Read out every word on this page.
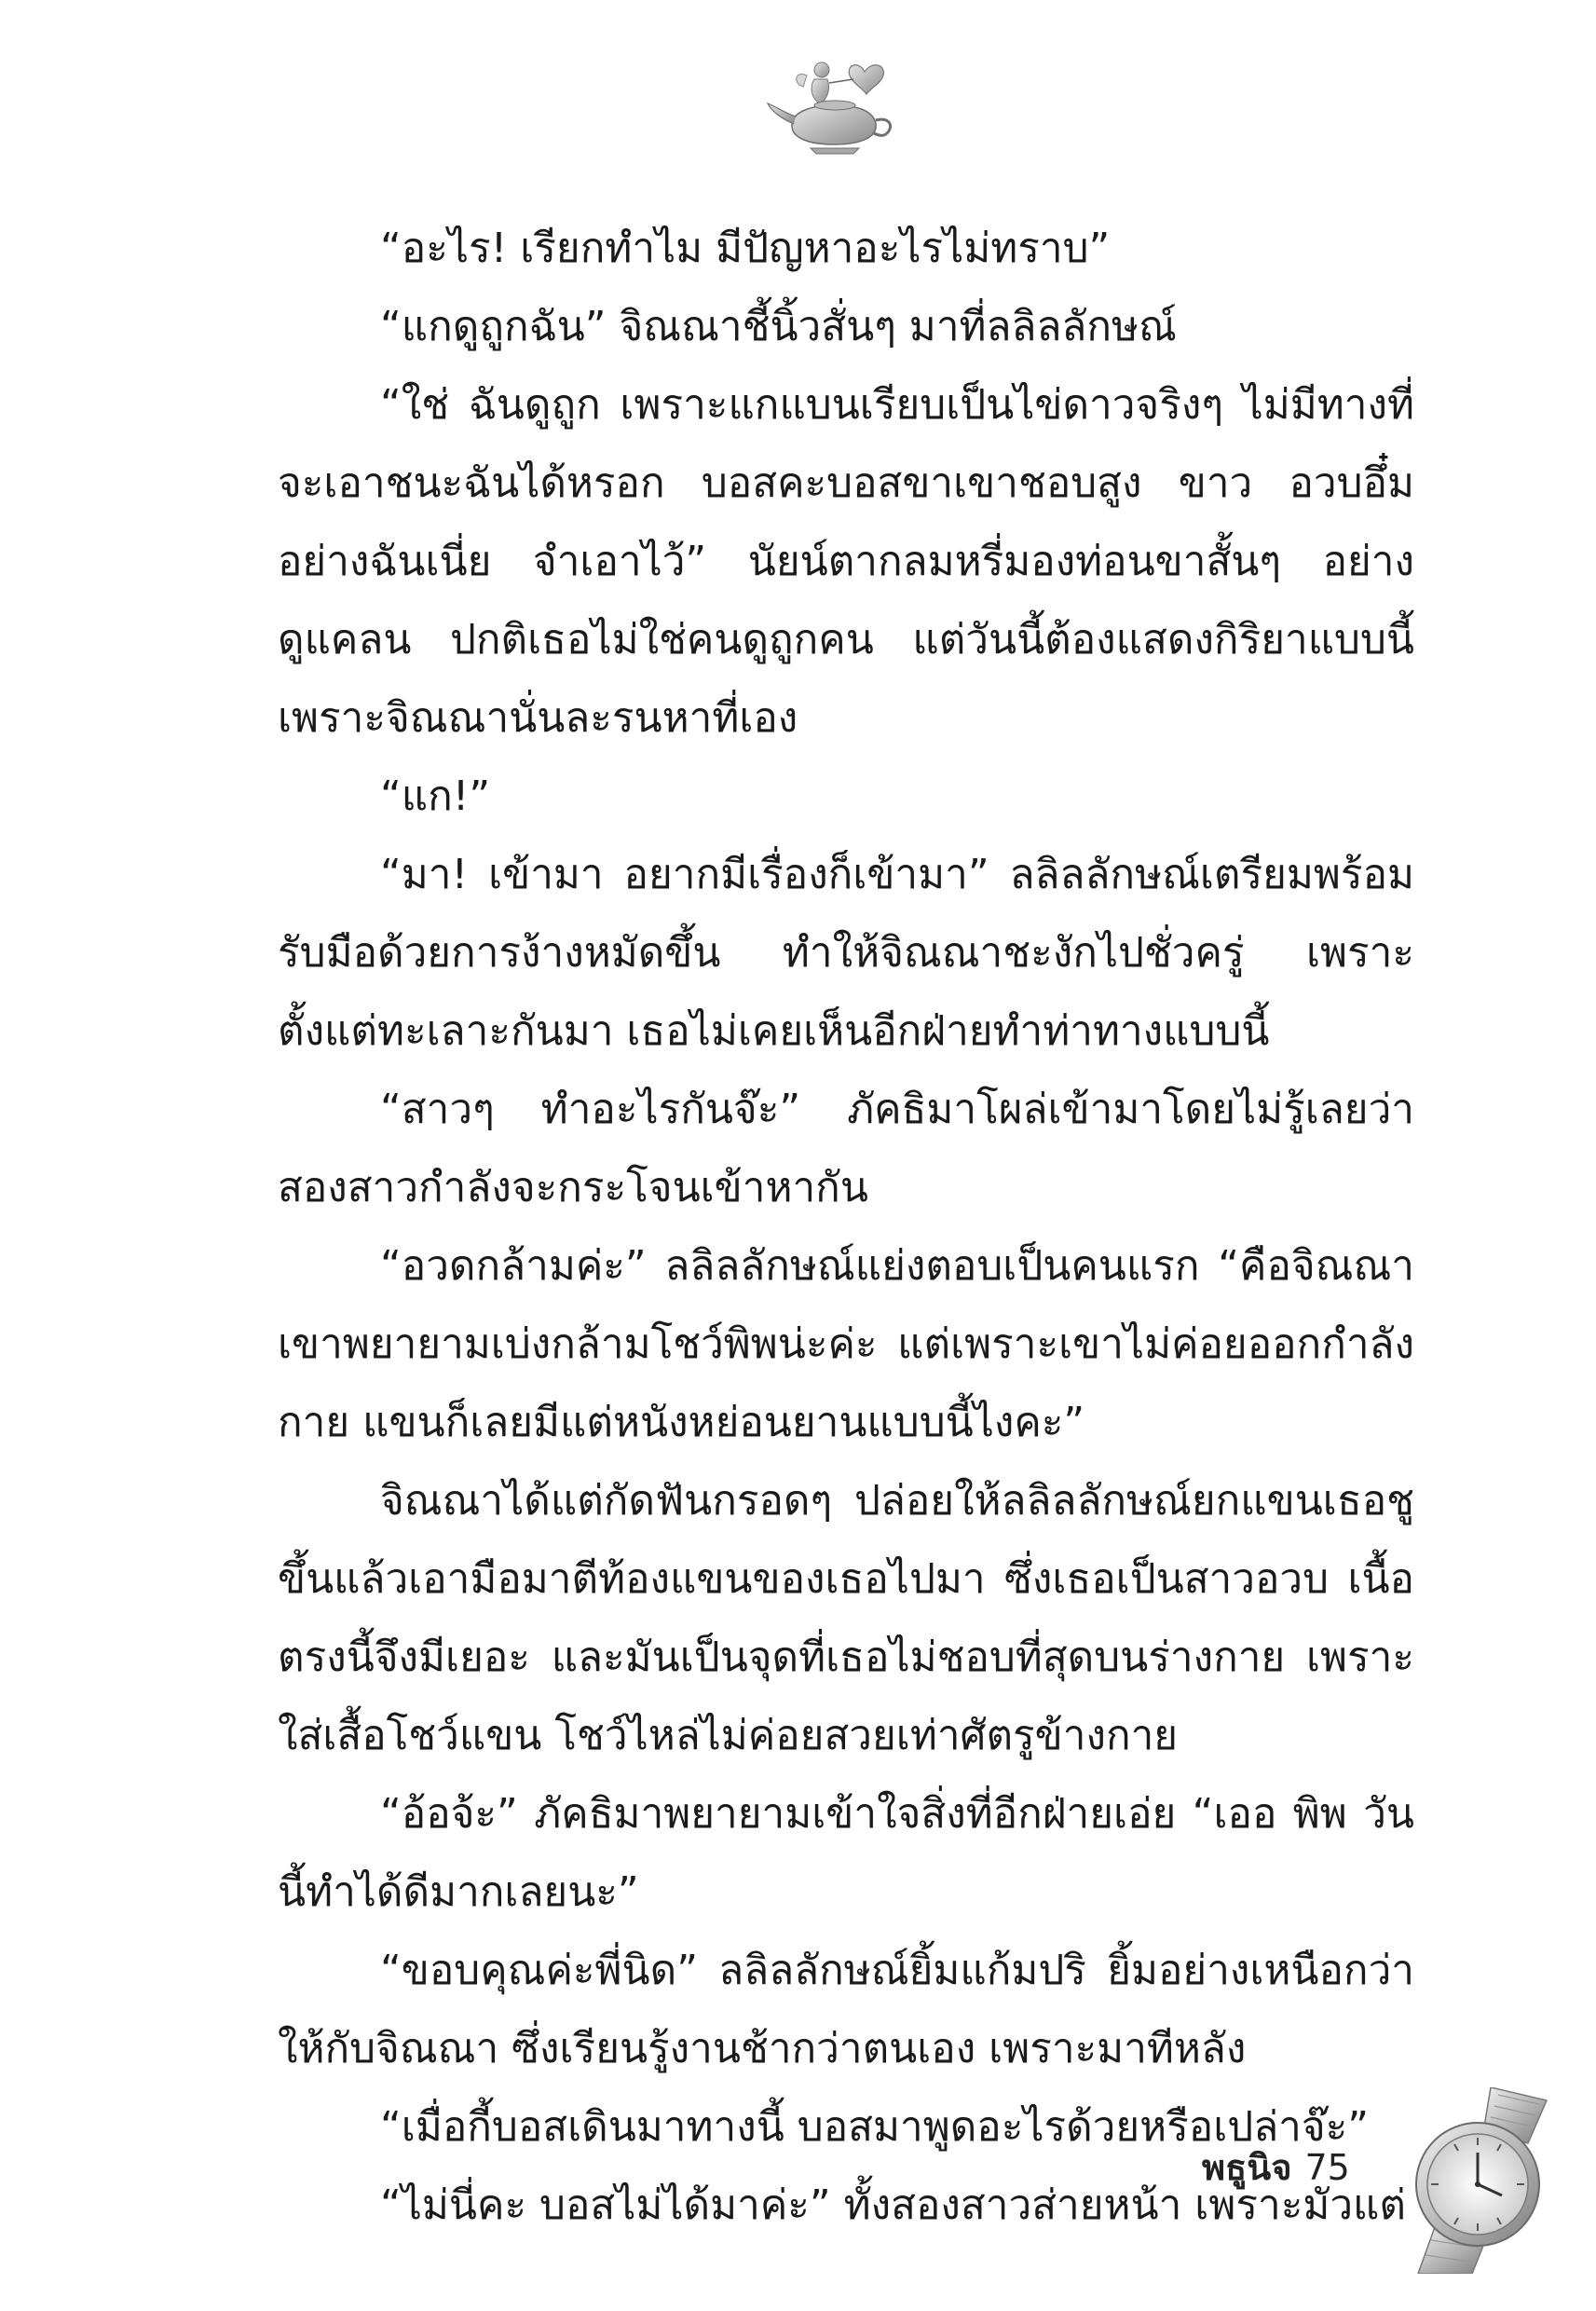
“อะไร! เรียกทำไม มีปัญหาอะไรไม่ทราบ”

“แกดูถูกฉัน” จิณณาชี้นิ้วสั่นๆ มาที่ลลิลลักษณ์

“ใช่ ฉันดูถูก เพราะแกแบนเรียบเป็นไข่ดาวจริงๆ ไม่มีทางที่จะเอาชนะฉันได้หรอก บอสคะบอสขาเขาชอบสูง ขาว อวบอึ๋ม อย่างฉันเนี่ย จำเอาไว้” นัยน์ตากลมหรี่มองท่อนขาสั้นๆ อย่างดูแคลน ปกติเธอไม่ใช่คนดูถูกคน แต่วันนี้ต้องแสดงกิริยาแบบนี้ เพราะจิณณานั่นละรนหาที่เอง

“แก!”

“มา! เข้ามา อยากมีเรื่องก็เข้ามา” ลลิลลักษณ์เตรียมพร้อมรับมือด้วยการง้างหมัดขึ้น ทำให้จิณณาชะงักไปชั่วครู่ เพราะตั้งแต่ทะเลาะกันมา เธอไม่เคยเห็นอีกฝ่ายทำท่าทางแบบนี้

“สาวๆ ทำอะไรกันจ๊ะ” ภัคธิมาโผล่เข้ามาโดยไม่รู้เลยว่าสองสาวกำลังจะกระโจนเข้าหากัน

“อวดกล้ามค่ะ” ลลิลลักษณ์แย่งตอบเป็นคนแรก “คือจิณณาเขาพยายามเบ่งกล้ามโชว์พิพน่ะค่ะ แต่เพราะเขาไม่ค่อยออกกำลังกาย แขนก็เลยมีแต่หนังหย่อนยานแบบนี้ไงคะ”

จิณณาได้แต่กัดฟันกรอดๆ ปล่อยให้ลลิลลักษณ์ยกแขนเธอชูขึ้นแล้วเอามือมาตีท้องแขนของเธอไปมา ซึ่งเธอเป็นสาวอวบ เนื้อตรงนี้จึงมีเยอะ และมันเป็นจุดที่เธอไม่ชอบที่สุดบนร่างกาย เพราะใส่เสื้อโชว์แขน โชว์ไหล่ไม่ค่อยสวยเท่าศัตรูข้างกาย

“อ้อจ้ะ” ภัคธิมาพยายามเข้าใจสิ่งที่อีกฝ่ายเอ่ย “เออ พิพ วันนี้ทำได้ดีมากเลยนะ”

“ขอบคุณค่ะพี่นิด” ลลิลลักษณ์ยิ้มแก้มปริ ยิ้มอย่างเหนือกว่าให้กับจิณณา ซึ่งเรียนรู้งานช้ากว่าตนเอง เพราะมาทีหลัง

“เมื่อกี้บอสเดินมาทางนี้ บอสมาพูดอะไรด้วยหรือเปล่าจ๊ะ”

“ไม่นี่คะ บอสไม่ได้มาค่ะ” ทั้งสองสาวส่ายหน้า เพราะมัวแต่

พธูนิจ 75
